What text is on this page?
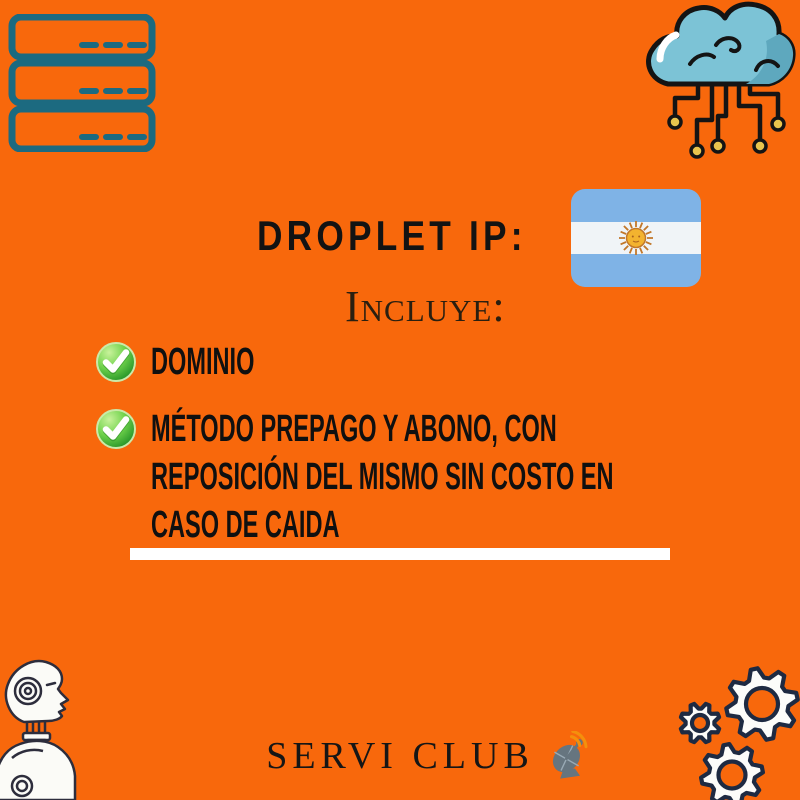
DROPLET IP:
Incluye:
DOMINIO
MÉTODO PREPAGO Y ABONO, CON
REPOSICIÓN DEL MISMO SIN COSTO EN
CASO DE CAIDA
SERVI CLUB
